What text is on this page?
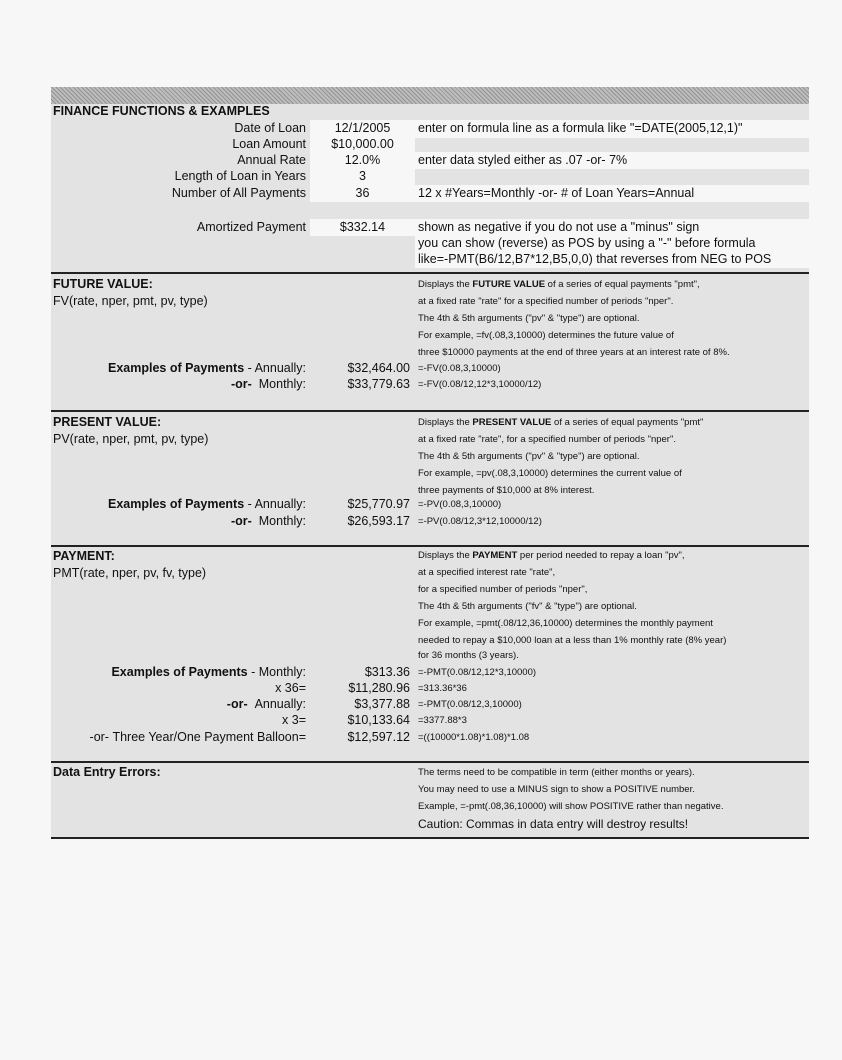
FINANCE FUNCTIONS & EXAMPLES
Date of Loan	12/1/2005	enter on formula line as a formula like "=DATE(2005,12,1)"
Loan Amount	$10,000.00
Annual Rate	12.0%	enter data styled either as .07 -or- 7%
Length of Loan in Years	3
Number of All Payments	36	12 x #Years=Monthly -or- # of Loan Years=Annual
Amortized Payment	$332.14	shown as negative if you do not use a "minus" sign
you can show (reverse) as POS by using a "-" before formula
like=-PMT(B6/12,B7*12,B5,0,0) that reverses from NEG to POS
FUTURE VALUE:
FV(rate, nper, pmt, pv, type)
Displays the FUTURE VALUE of a series of equal payments "pmt",
at a fixed rate "rate" for a specified number of periods "nper".
The 4th & 5th arguments ("pv" & "type") are optional.
For example, =fv(.08,3,10000) determines the future value of
three $10000 payments at the end of three years at an interest rate of 8%.
Examples of Payments - Annually:	$32,464.00 =-FV(0.08,3,10000)
-or- Monthly:	$33,779.63 =-FV(0.08/12,12*3,10000/12)
PRESENT VALUE:
PV(rate, nper, pmt, pv, type)
Displays the PRESENT VALUE of a series of equal payments "pmt"
at a fixed rate "rate", for a specified number of periods "nper".
The 4th & 5th arguments ("pv" & "type") are optional.
For example, =pv(.08,3,10000) determines the current value of
three payments of $10,000 at 8% interest.
Examples of Payments - Annually:	$25,770.97 =-PV(0.08,3,10000)
-or- Monthly:	$26,593.17 =-PV(0.08/12,3*12,10000/12)
PAYMENT:
PMT(rate, nper, pv, fv, type)
Displays the PAYMENT per period needed to repay a loan "pv",
at a specified interest rate "rate",
for a specified number of periods "nper",
The 4th & 5th arguments ("fv" & "type") are optional.
For example, =pmt(.08/12,36,10000) determines the monthly payment
needed to repay a $10,000 loan at a less than 1% monthly rate (8% year)
for 36 months (3 years).
Examples of Payments - Monthly:	$313.36 =-PMT(0.08/12,12*3,10000)
x 36=	$11,280.96 =313.36*36
-or- Annually:	$3,377.88 =-PMT(0.08/12,3,10000)
x 3=	$10,133.64 =3377.88*3
-or- Three Year/One Payment Balloon=	$12,597.12 =((10000*1.08)*1.08)*1.08
Data Entry Errors:	The terms need to be compatible in term (either months or years).
You may need to use a MINUS sign to show a POSITIVE number.
Example, =-pmt(.08,36,10000) will show POSITIVE rather than negative.
Caution: Commas in data entry will destroy results!
